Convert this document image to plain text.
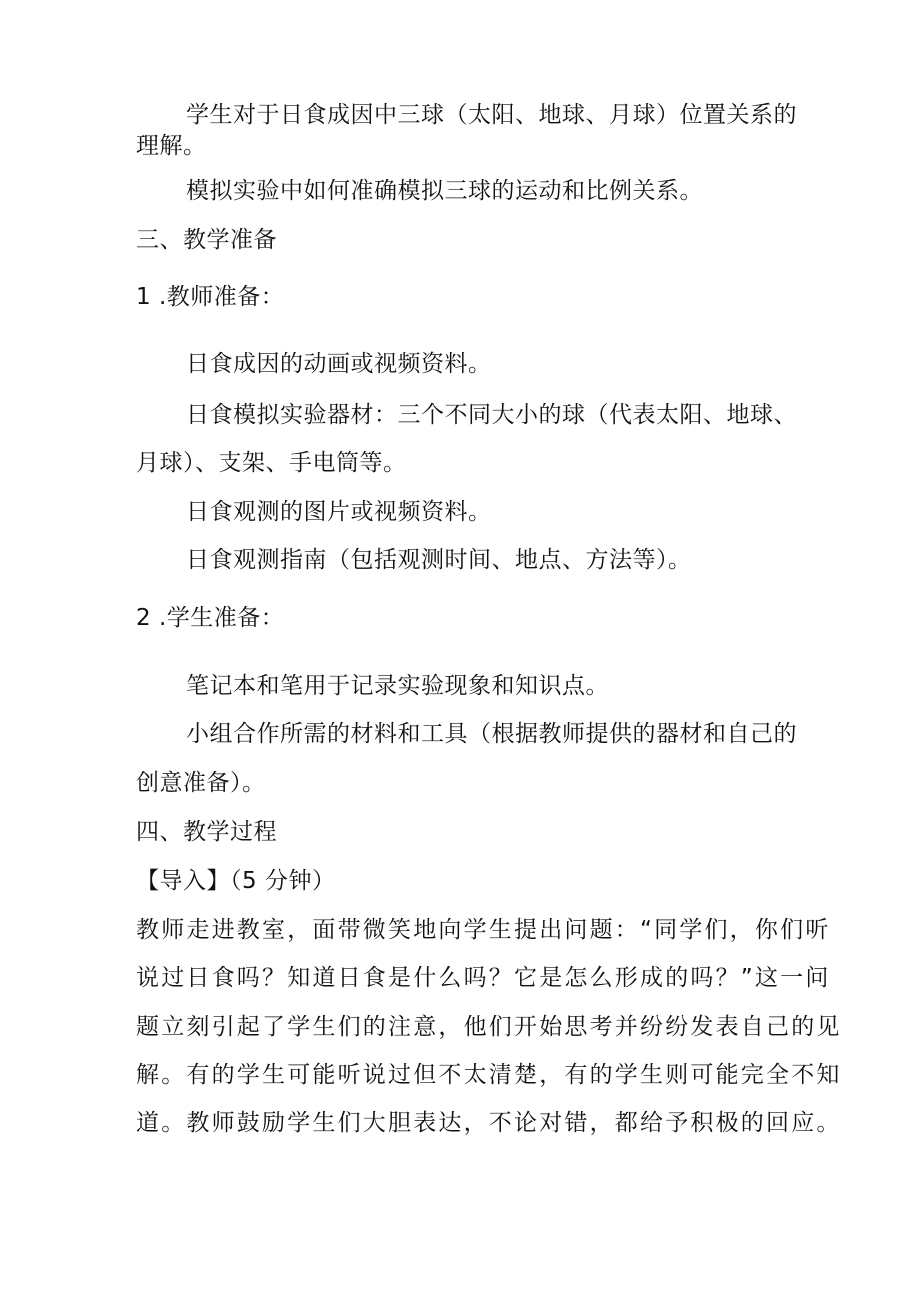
学生对于日食成因中三球（太阳、地球、月球）位置关系的
理解。
模拟实验中如何准确模拟三球的运动和比例关系。
三、教学准备
1 .教师准备：
日食成因的动画或视频资料。
日食模拟实验器材：三个不同大小的球（代表太阳、地球、
月球）、支架、手电筒等。
日食观测的图片或视频资料。
日食观测指南（包括观测时间、地点、方法等）。
2 .学生准备：
笔记本和笔用于记录实验现象和知识点。
小组合作所需的材料和工具（根据教师提供的器材和自己的
创意准备）。
四、教学过程
【导入】（5 分钟）
教师走进教室，面带微笑地向学生提出问题：“同学们，你们听
说过日食吗？知道日食是什么吗？它是怎么形成的吗？”这一问
题立刻引起了学生们的注意，他们开始思考并纷纷发表自己的见
解。有的学生可能听说过但不太清楚，有的学生则可能完全不知
道。教师鼓励学生们大胆表达，不论对错，都给予积极的回应。
